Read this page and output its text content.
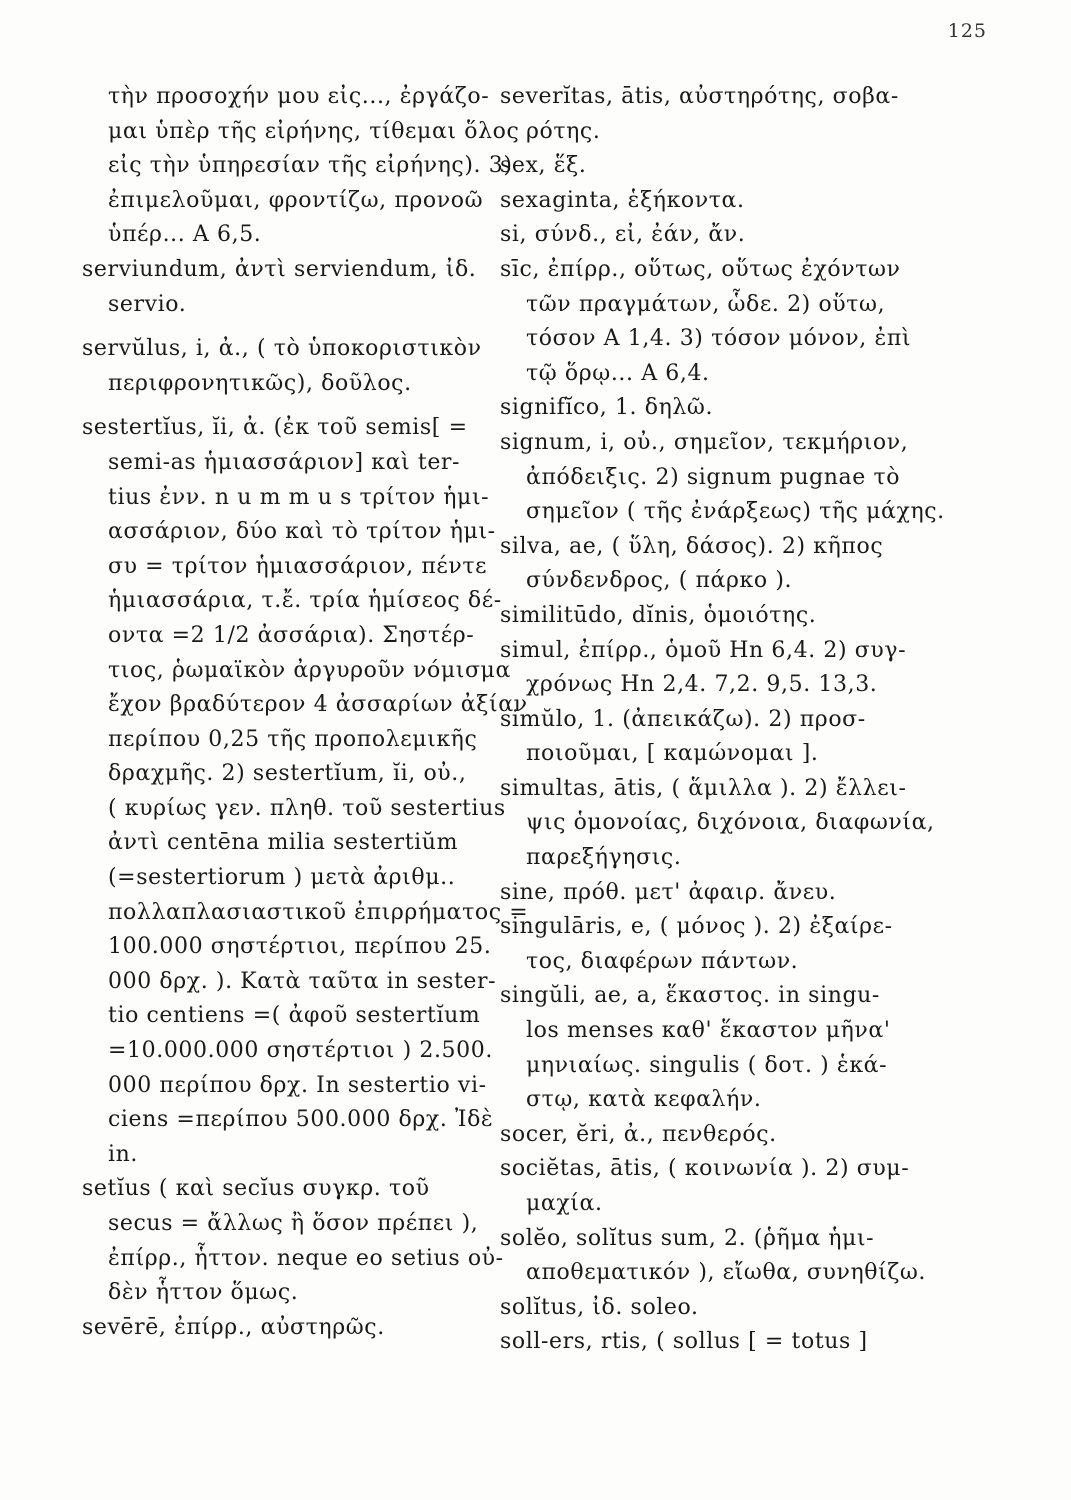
125
τὴν προσοχήν μου εἰς..., ἐργάζο-
μαι ὑπὲρ τῆς εἰρήνης, τίθεμαι ὅλος
εἰς τὴν ὑπηρεσίαν τῆς εἰρήνης). 3)
ἐπιμελοῦμαι, φροντίζω, προνοῶ
ὑπέρ... Α 6,5.
serviundum, ἀντὶ serviendum, ἰδ.
servio.
servŭlus, i, ἀ., ( τὸ ὑποκοριστικὸν
περιφρονητικῶς), δοῦλος.
sestertĭus, ĭi, ἀ. (ἐκ τοῦ semis[ =
semi-as ἡμιασσάριον] καὶ ter-
tius ἐνν. n u m m u s τρίτον ἡμι-
ασσάριον, δύο καὶ τὸ τρίτον ἡμι-
συ = τρίτον ἡμιασσάριον, πέντε
ἡμιασσάρια, τ.ἔ. τρία ἡμίσεος δέ-
οντα =2 1/2 ἀσσάρια). Σηστέρ-
τιος, ῥωμαϊκὸν ἀργυροῦν νόμισμα
ἔχον βραδύτερον 4 ἀσσαρίων ἀξίαν
περίπου 0,25 τῆς προπολεμικῆς
δραχμῆς. 2) sestertĭum, ĭi, οὐ.,
( κυρίως γεν. πληθ. τοῦ sestertius
ἀντὶ centēna milia sestertiŭm
(=sestertiorum ) μετὰ ἀριθμ..
πολλαπλασιαστικοῦ ἐπιρρήματος =
100.000 σηστέρτιοι, περίπου 25.
000 δρχ. ). Κατὰ ταῦτα in sester-
tio centiens =( ἀφοῦ sestertĭum
=10.000.000 σηστέρτιοι ) 2.500.
000 περίπου δρχ. In sestertio vi-
ciens =περίπου 500.000 δρχ. Ἰδὲ
in.
setĭus ( καὶ secĭus συγκρ. τοῦ
secus = ἄλλως ἢ ὅσον πρέπει ),
ἐπίρρ., ἧττον. neque eo setius οὐ-
δὲν ἧττον ὅμως.
sevērē, ἐπίρρ., αὐστηρῶς.
severĭtas, ātis, αὐστηρότης, σοβα-
ρότης.
sex, ἕξ.
sexaginta, ἑξήκοντα.
si, σύνδ., εἰ, ἐάν, ἄν.
sīc, ἐπίρρ., οὕτως, οὕτως ἐχόντων
τῶν πραγμάτων, ὧδε. 2) οὕτω,
τόσον Α 1,4. 3) τόσον μόνον, ἐπὶ
τῷ ὅρῳ... Α 6,4.
signifĭco, 1. δηλῶ.
signum, i, οὐ., σημεῖον, τεκμήριον,
ἀπόδειξις. 2) signum pugnae τὸ
σημεῖον ( τῆς ἐνάρξεως) τῆς μάχης.
silva, ae, ( ὕλη, δάσος). 2) κῆπος
σύνδενδρος, ( πάρκο ).
similitūdo, dĭnis, ὁμοιότης.
simul, ἐπίρρ., ὁμοῦ Hn 6,4. 2) συγ-
χρόνως Hn 2,4. 7,2. 9,5. 13,3.
simŭlo, 1. (ἀπεικάζω). 2) προσ-
ποιοῦμαι, [ καμώνομαι ].
simultas, ātis, ( ἅμιλλα ). 2) ἔλλει-
ψις ὁμονοίας, διχόνοια, διαφωνία,
παρεξήγησις.
sine, πρόθ. μετ' ἀφαιρ. ἄνευ.
singulāris, e, ( μόνος ). 2) ἐξαίρε-
τος, διαφέρων πάντων.
singŭli, ae, a, ἕκαστος. in singu-
los menses καθ' ἕκαστον μῆνα'
μηνιαίως. singulis ( δοτ. ) ἑκά-
στῳ, κατὰ κεφαλήν.
socer, ĕri, ἀ., πενθερός.
sociĕtas, ātis, ( κοινωνία ). 2) συμ-
μαχία.
solĕo, solĭtus sum, 2. (ῥῆμα ἡμι-
αποθεματικόν ), εἴωθα, συνηθίζω.
solĭtus, ἰδ. soleo.
soll-ers, rtis, ( sollus [ = totus ]
